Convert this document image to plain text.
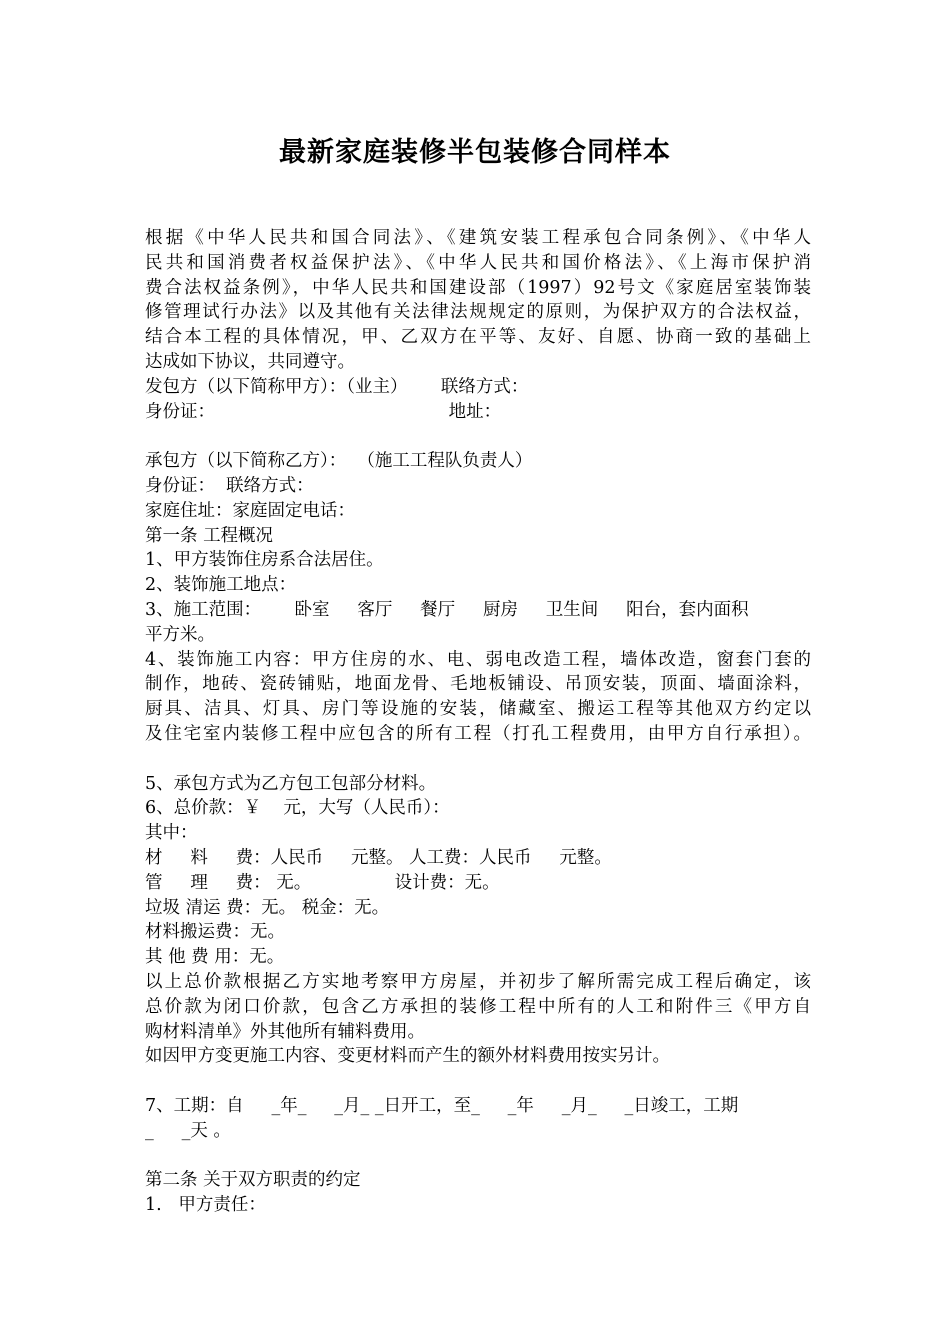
最新家庭装修半包装修合同样本
根据《中华人民共和国合同法》、《建筑安装工程承包合同条例》、《中华人
民共和国消费者权益保护法》、《中华人民共和国价格法》、《上海市保护消
费合法权益条例》，中华人民共和国建设部（1997）92号文《家庭居室装饰装
修管理试行办法》以及其他有关法律法规规定的原则，为保护双方的合法权益，
结合本工程的具体情况，甲、乙双方在平等、友好、自愿、协商一致的基础上
达成如下协议，共同遵守。
发包方（以下简称甲方）：（业主）      联络方式：
身份证：                                          地址：
承包方（以下简称乙方）：  （施工工程队负责人）
身份证：  联络方式：
家庭住址：家庭固定电话：
第一条 工程概况
1、甲方装饰住房系合法居住。
2、装饰施工地点：
3、施工范围：      卧室     客厅     餐厅     厨房     卫生间     阳台，套内面积
平方米。
4、装饰施工内容：甲方住房的水、电、弱电改造工程，墙体改造，窗套门套的
制作，地砖、瓷砖铺贴，地面龙骨、毛地板铺设、吊顶安装，顶面、墙面涂料，
厨具、洁具、灯具、房门等设施的安装，储藏室、搬运工程等其他双方约定以
及住宅室内装修工程中应包含的所有工程（打孔工程费用，由甲方自行承担）。
5、承包方式为乙方包工包部分材料。
6、总价款：￥    元，大写（人民币）：
其中：
材     料     费：人民币     元整。 人工费：人民币     元整。
管     理     费： 无。               设计费：无。
垃圾 清运 费：无。 税金：无。
材料搬运费：无。
其 他 费 用：无。
以上总价款根据乙方实地考察甲方房屋，并初步了解所需完成工程后确定，该
总价款为闭口价款，包含乙方承担的装修工程中所有的人工和附件三《甲方自
购材料清单》外其他所有辅料费用。
如因甲方变更施工内容、变更材料而产生的额外材料费用按实另计。
7、工期：自     _年_     _月_ _日开工，至_     _年     _月_     _日竣工，工期
_     _天 。
第二条 关于双方职责的约定
1.   甲方责任：
